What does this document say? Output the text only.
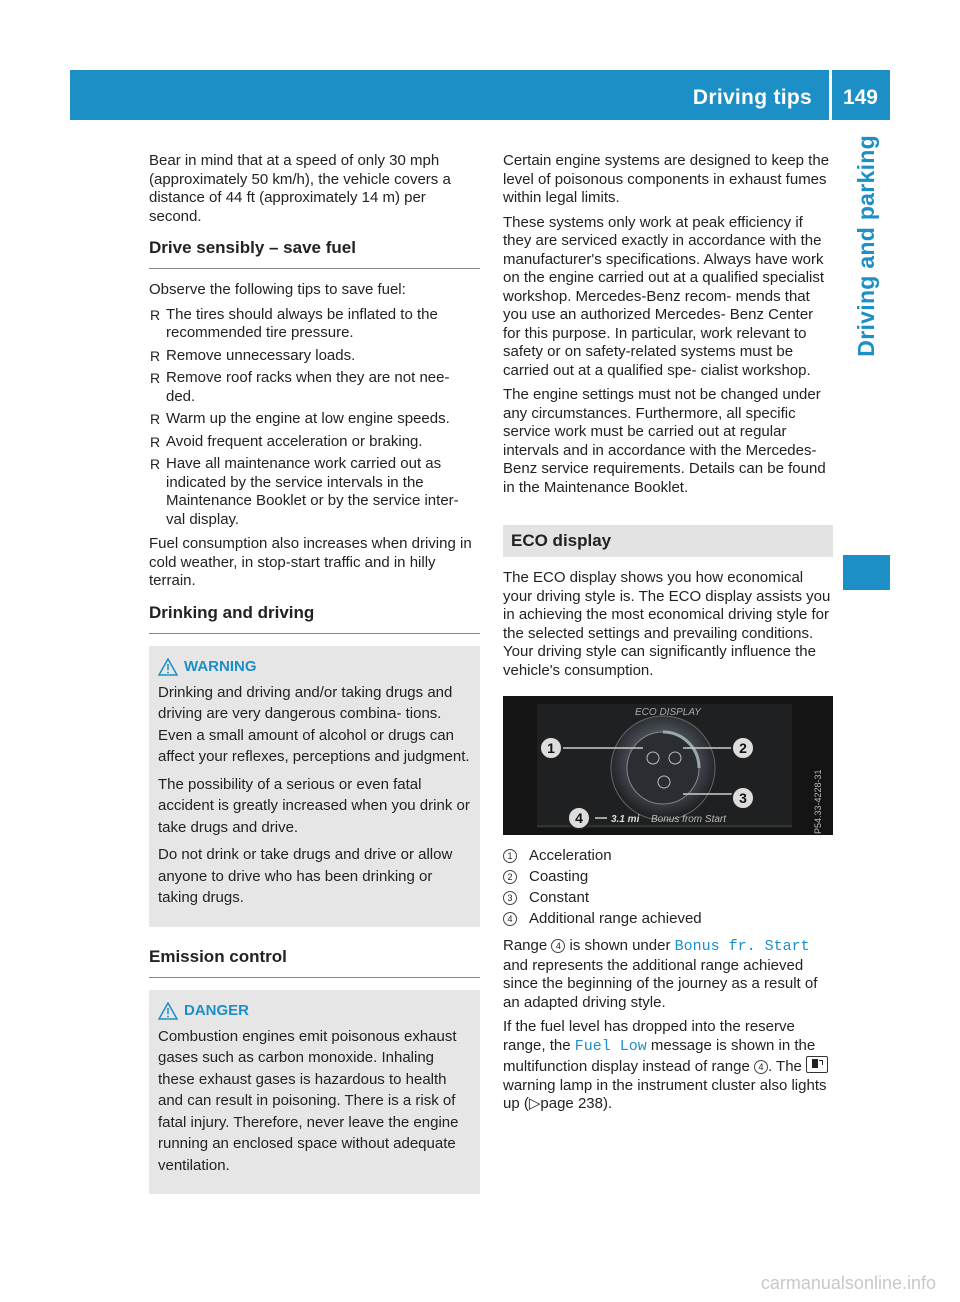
Driving tips 149
Driving and parking

Bear in mind that at a speed of only 30 mph (approximately 50 km/h), the vehicle covers a distance of 44 ft (approximately 14 m) per second.

Drive sensibly – save fuel

Observe the following tips to save fuel:

R The tires should always be inflated to the recommended tire pressure.
R Remove unnecessary loads.
R Remove roof racks when they are not nee- ded.
R Warm up the engine at low engine speeds.
R Avoid frequent acceleration or braking.
R Have all maintenance work carried out as indicated by the service intervals in the Maintenance Booklet or by the service inter- val display.

Fuel consumption also increases when driving in cold weather, in stop-start traffic and in hilly terrain.

Drinking and driving
WARNING

Drinking and driving and/or taking drugs and driving are very dangerous combina- tions. Even a small amount of alcohol or drugs can affect your reflexes, perceptions and judgment.

The possibility of a serious or even fatal accident is greatly increased when you drink or take drugs and drive.

Do not drink or take drugs and drive or allow anyone to drive who has been drinking or taking drugs.

Emission control
DANGER

Combustion engines emit poisonous exhaust gases such as carbon monoxide. Inhaling these exhaust gases is hazardous to health and can result in poisoning. There is a risk of fatal injury. Therefore, never leave the engine running an enclosed space without adequate ventilation.

Certain engine systems are designed to keep the level of poisonous components in exhaust fumes within legal limits.

These systems only work at peak efficiency if they are serviced exactly in accordance with the manufacturer's specifications. Always have work on the engine carried out at a qualified specialist workshop. Mercedes-Benz recom- mends that you use an authorized Mercedes- Benz Center for this purpose. In particular, work relevant to safety or on safety-related systems must be carried out at a qualified spe- cialist workshop.

The engine settings must not be changed under any circumstances. Furthermore, all specific service work must be carried out at regular intervals and in accordance with the Mercedes-Benz service requirements. Details can be found in the Maintenance Booklet.

ECO display

The ECO display shows you how economical your driving style is. The ECO display assists you in achieving the most economical driving style for the selected settings and prevailing conditions. Your driving style can significantly influence the vehicle's consumption.

1	2
3
4
ECO DISPLAY
3.1 mi Bonus from Start	P54.33-4228-31
1	Acceleration
2	Coasting
3	Constant
4	Additional range achieved

Range 4 is shown under Bonus fr. Start and represents the additional range achieved since the beginning of the journey as a result of an adapted driving style.

If the fuel level has dropped into the reserve range, the Fuel Low message is shown in the multifunction display instead of range 4 . The warning lamp in the instrument cluster also lights up (▷page 238).

carmanualsonline.info
